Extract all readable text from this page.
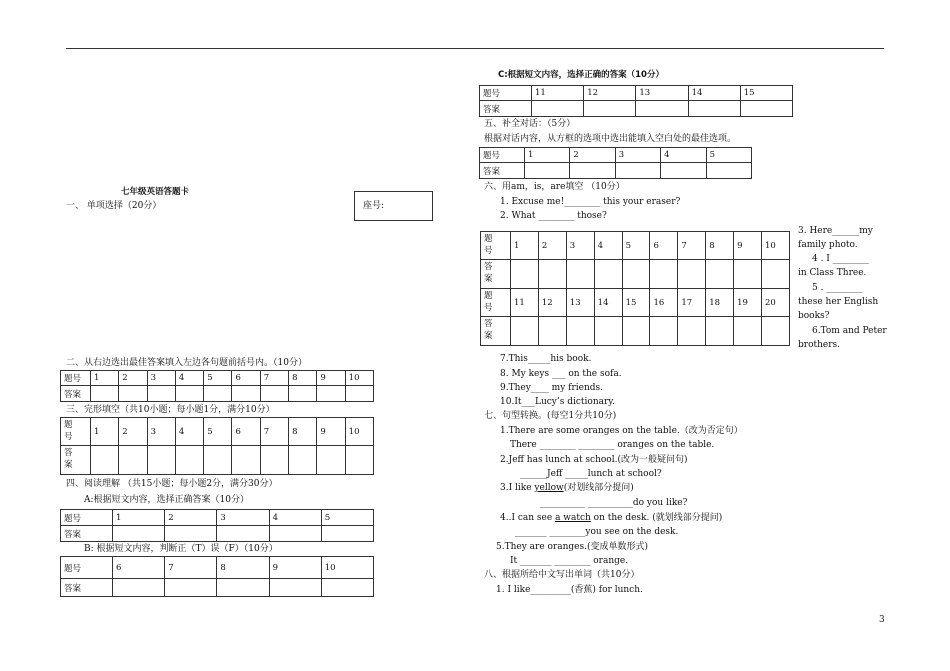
七年级英语答题卡
座号:
一、 单项选择（20分）
二、从右边选出最佳答案填入左边各句题前括号内。（10分）
题号	1	2	3	4	5	6	7	8	9	10
答案										
三、完形填空（共10小题；每小题1分，满分10分）
题
号	1	2	3	4	5	6	7	8	9	10
答
案										
四、阅读理解 （共15小题；每小题2分，满分30分）
A:根据短文内容，选择正确答案（10分）
题号	1	2	3	4	5
答案					
B: 根据短文内容，判断正（T）误（F）（10分）
题号	6	7	8	9	10
答案					
C:根据短文内容，选择正确的答案（10分）
题号	11	12	13	14	15
答案					
五、补全对话：（5分）
根据对话内容，从方框的选项中选出能填入空白处的最佳选项。
题号	1	2	3	4	5
答案					
六、用am，is，are填空 （10分）
1. Excuse me!________ this your eraser?
2. What ________ those?
题
号	1	2	3	4	5	6	7	8	9	10
答
案										
题
号	11	12	13	14	15	16	17	18	19	20
答
案										
3. Here______my
family photo.
4 . I ________
in Class Three.
5 . ________
these her English
books?
6.Tom and Peter
brothers.
7.This_____his book.
8. My keys ___ on the sofa.
9.They____ my friends.
10.It___Lucy’s dictionary.
七、句型转换。(每空1分共10分)
1.There are some oranges on the table.（改为否定句）
There ________ ________ oranges on the table.
2.Jeff has lunch at school.(改为一般疑问句)
______Jeff _____lunch at school?
3.I like yellow(对划线部分提问)
__________ __________do you like?
4..I can see a watch on the desk. (就划线部分提问)
_______ ________you see on the desk.
5.They are oranges.(变成单数形式)
It _______ ________ orange.
八、根据所给中文写出单词（共10分）
1. I like_________(香蕉) for lunch.
3
